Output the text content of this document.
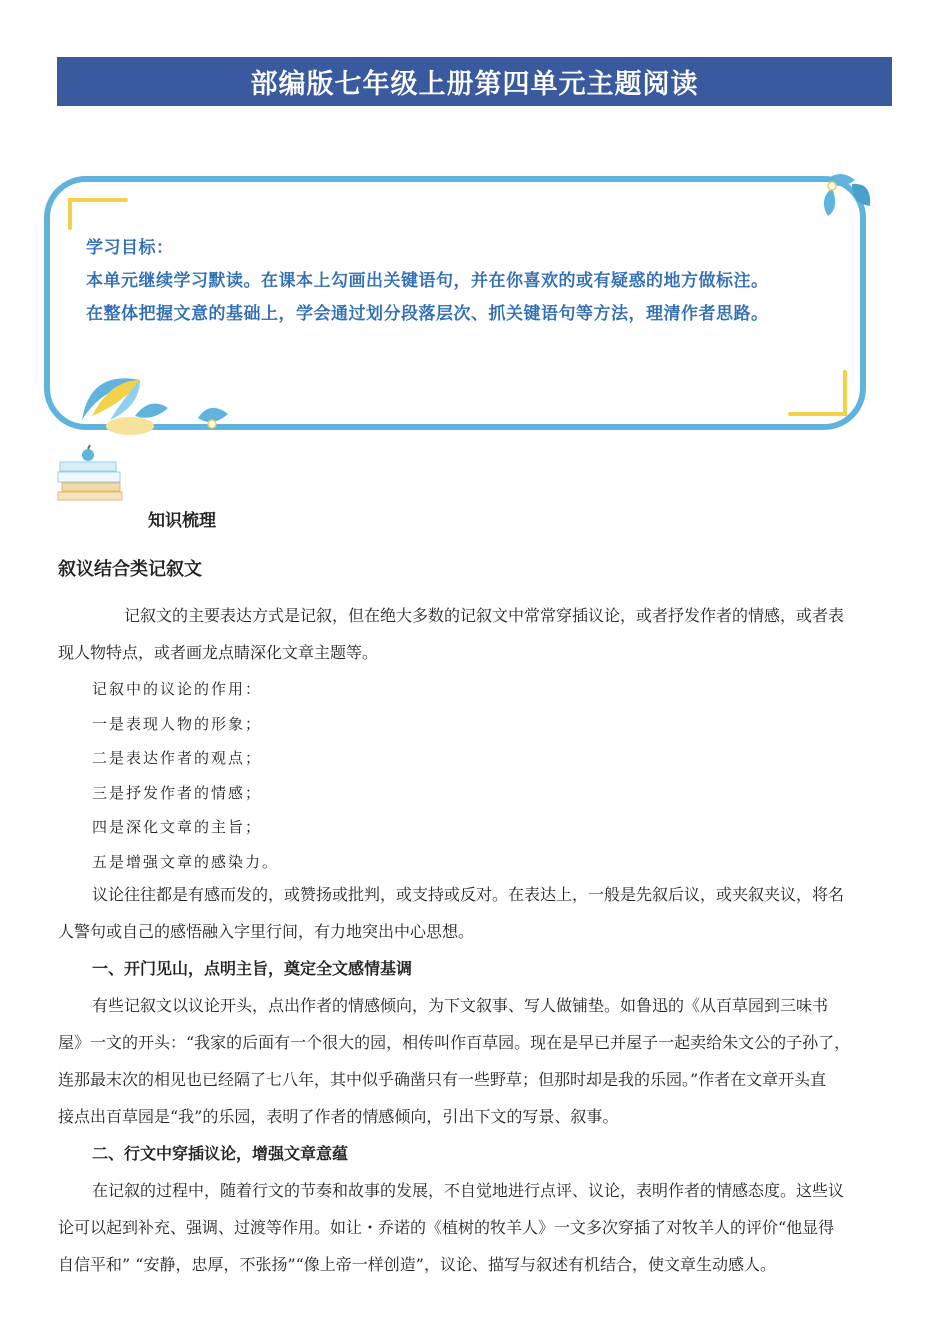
部编版七年级上册第四单元主题阅读
学习目标：
本单元继续学习默读。在课本上勾画出关键语句，并在你喜欢的或有疑惑的地方做标注。
在整体把握文意的基础上，学会通过划分段落层次、抓关键语句等方法，理清作者思路。
知识梳理
叙议结合类记叙文

记叙文的主要表达方式是记叙，但在绝大多数的记叙文中常常穿插议论，或者抒发作者的情感，或者表

现人物特点，或者画龙点睛深化文章主题等。

记叙中的议论的作用：
一是表现人物的形象；
二是表达作者的观点；
三是抒发作者的情感；
四是深化文章的主旨；
五是增强文章的感染力。

议论往往都是有感而发的，或赞扬或批判，或支持或反对。在表达上，一般是先叙后议，或夹叙夹议，将名

人警句或自己的感悟融入字里行间，有力地突出中心思想。

一、开门见山，点明主旨，奠定全文感情基调

有些记叙文以议论开头，点出作者的情感倾向，为下文叙事、写人做铺垫。如鲁迅的《从百草园到三味书

屋》一文的开头：“我家的后面有一个很大的园，相传叫作百草园。现在是早已并屋子一起卖给朱文公的子孙了，

连那最末次的相见也已经隔了七八年，其中似乎确凿只有一些野草；但那时却是我的乐园。”作者在文章开头直

接点出百草园是“我”的乐园，表明了作者的情感倾向，引出下文的写景、叙事。

二、行文中穿插议论，增强文章意蕴

在记叙的过程中，随着行文的节奏和故事的发展，不自觉地进行点评、议论，表明作者的情感态度。这些议

论可以起到补充、强调、过渡等作用。如让・乔诺的《植树的牧羊人》一文多次穿插了对牧羊人的评价“他显得

自信平和” “安静，忠厚，不张扬”“像上帝一样创造”，议论、描写与叙述有机结合，使文章生动感人。
